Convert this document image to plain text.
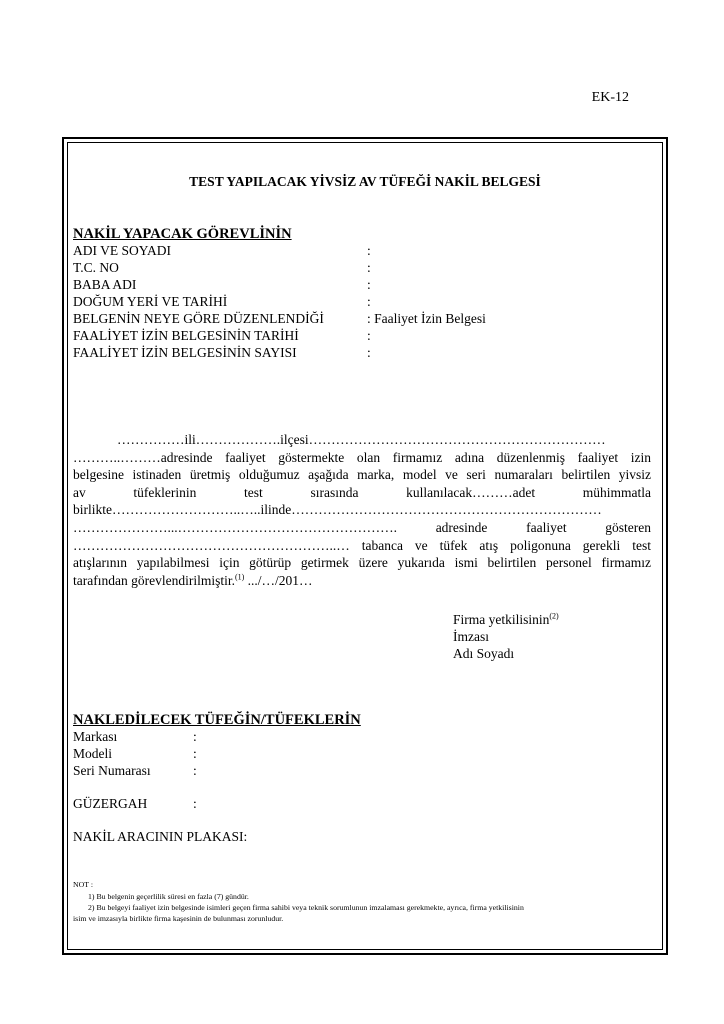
EK-12
TEST YAPILACAK YİVSİZ AV TÜFEĞİ NAKİL BELGESİ
NAKİL YAPACAK GÖREVLİNİN
ADI VE SOYADI	:
T.C. NO	:
BABA ADI	:
DOĞUM YERİ VE TARİHİ	:
BELGENİN NEYE GÖRE DÜZENLENDİĞİ	: Faaliyet İzin Belgesi
FAALİYET İZİN BELGESİNİN TARİHİ	:
FAALİYET İZİN BELGESİNİN SAYISI	:
……………ili……………….ilçesi…………………………………………………………
………..………adresinde faaliyet göstermekte olan firmamız adına düzenlenmiş faaliyet izin
belgesine istinaden üretmiş olduğumuz aşağıda marka, model ve seri numaraları belirtilen yivsiz
av tüfeklerinin test sırasında kullanılacak………adet mühimmatla
birlikte………………………..…..ilinde……………………………………………………………
…………………...…………………………………………. adresinde faaliyet gösteren
…………………………………………………..… tabanca ve tüfek atış poligonuna gerekli test
atışlarının yapılabilmesi için götürüp getirmek üzere yukarıda ismi belirtilen personel firmamız
tarafından görevlendirilmiştir.$^{(1)}$ .../…/201…
Firma yetkilisinin$^{(2)}$
İmzası
Adı Soyadı
NAKLEDİLECEK TÜFEĞİN/TÜFEKLERİN
Markası	:
Modeli	:
Seri Numarası	:
GÜZERGAH	:
NAKİL ARACININ PLAKASI:
NOT :
1) Bu belgenin geçerlilik süresi en fazla (7) gündür.
2) Bu belgeyi faaliyet izin belgesinde isimleri geçen firma sahibi veya teknik sorumlunun imzalaması gerekmekte, ayrıca, firma yetkilisinin
isim ve imzasıyla birlikte firma kaşesinin de bulunması zorunludur.
